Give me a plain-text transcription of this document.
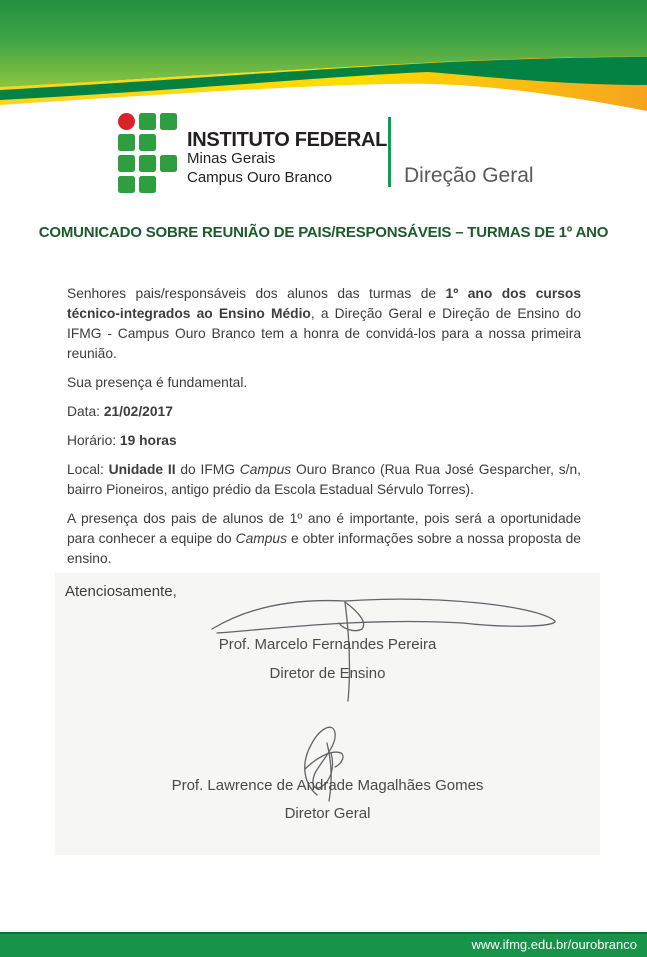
INSTITUTO FEDERAL
Minas Gerais
Campus Ouro Branco	Direção Geral
COMUNICADO SOBRE REUNIÃO DE PAIS/RESPONSÁVEIS – TURMAS DE 1º ANO

Senhores pais/responsáveis dos alunos das turmas de 1º ano dos cursos técnico-integrados ao Ensino Médio, a Direção Geral e Direção de Ensino do IFMG - Campus Ouro Branco tem a honra de convidá-los para a nossa primeira reunião.

Sua presença é fundamental.

Data: 21/02/2017

Horário: 19 horas

Local: Unidade II do IFMG Campus Ouro Branco (Rua Rua José Gesparcher, s/n, bairro Pioneiros, antigo prédio da Escola Estadual Sérvulo Torres).

A presença dos pais de alunos de 1º ano é importante, pois será a oportunidade para conhecer a equipe do Campus e obter informações sobre a nossa proposta de ensino.

Atenciosamente,
Prof. Marcelo Fernandes Pereira
Diretor de Ensino
Prof. Lawrence de Andrade Magalhães Gomes
Diretor Geral
www.ifmg.edu.br/ourobranco
